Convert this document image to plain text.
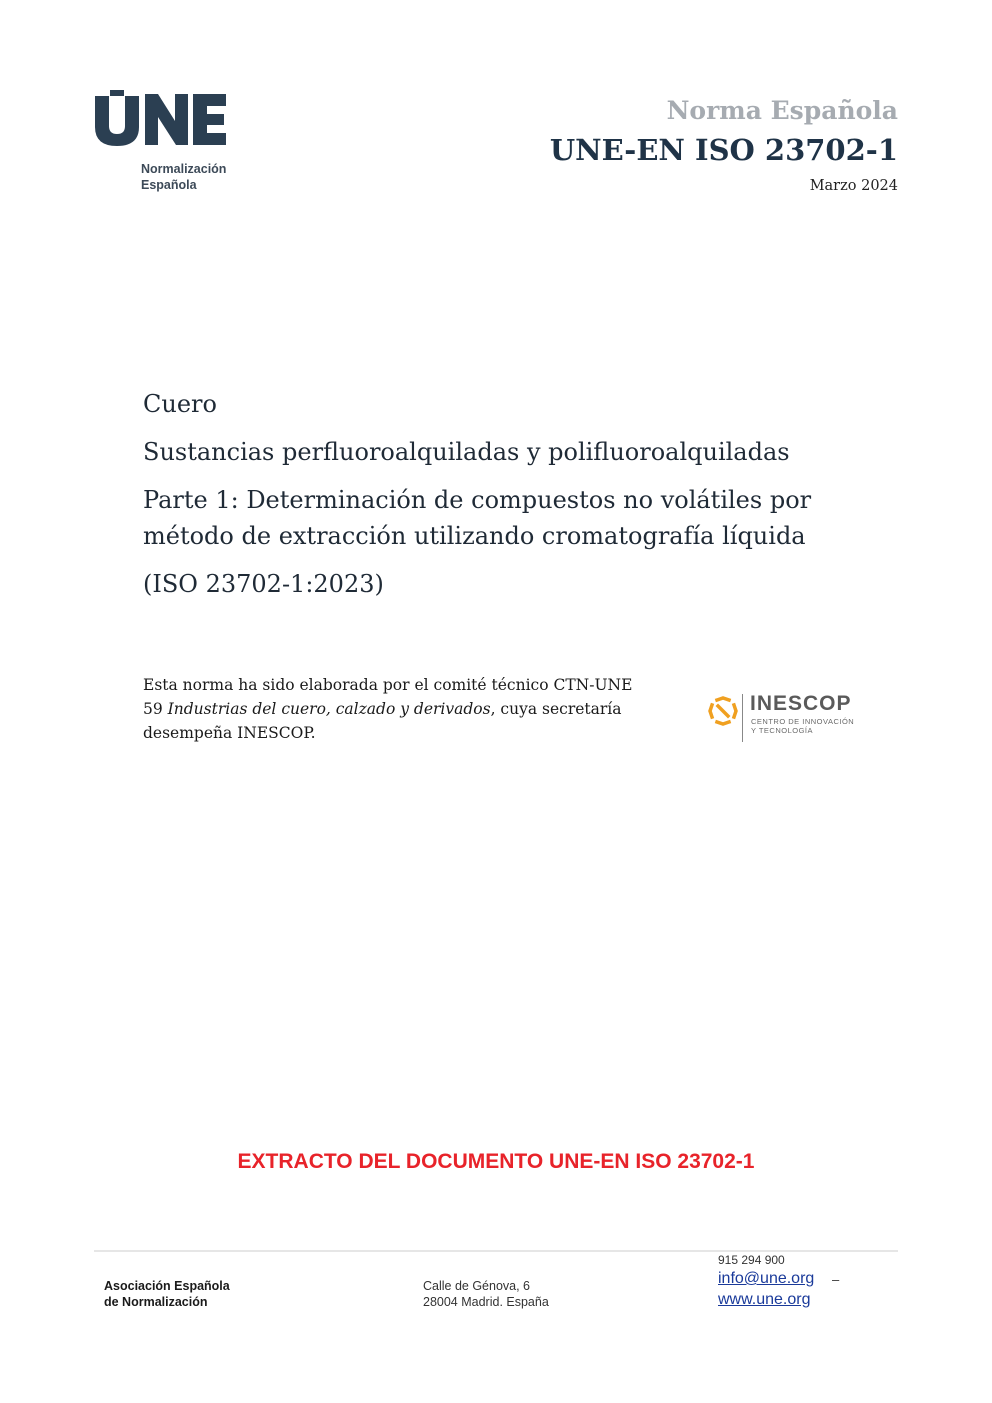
Normalización
Española
Norma Española
UNE-EN ISO 23702-1
Marzo 2024
Cuero
Sustancias perfluoroalquiladas y polifluoroalquiladas
Parte 1: Determinación de compuestos no volátiles por método de extracción utilizando cromatografía líquida
(ISO 23702-1:2023)
Esta norma ha sido elaborada por el comité técnico CTN-UNE 59 Industrias del cuero, calzado y derivados, cuya secretaría desempeña INESCOP.
INESCOP
CENTRO DE INNOVACIÓN
Y TECNOLOGÍA
EXTRACTO DEL DOCUMENTO UNE-EN ISO 23702-1
Asociación Española
de Normalización
Calle de Génova, 6
28004 Madrid. España
915 294 900
info@une.org –
www.une.org
